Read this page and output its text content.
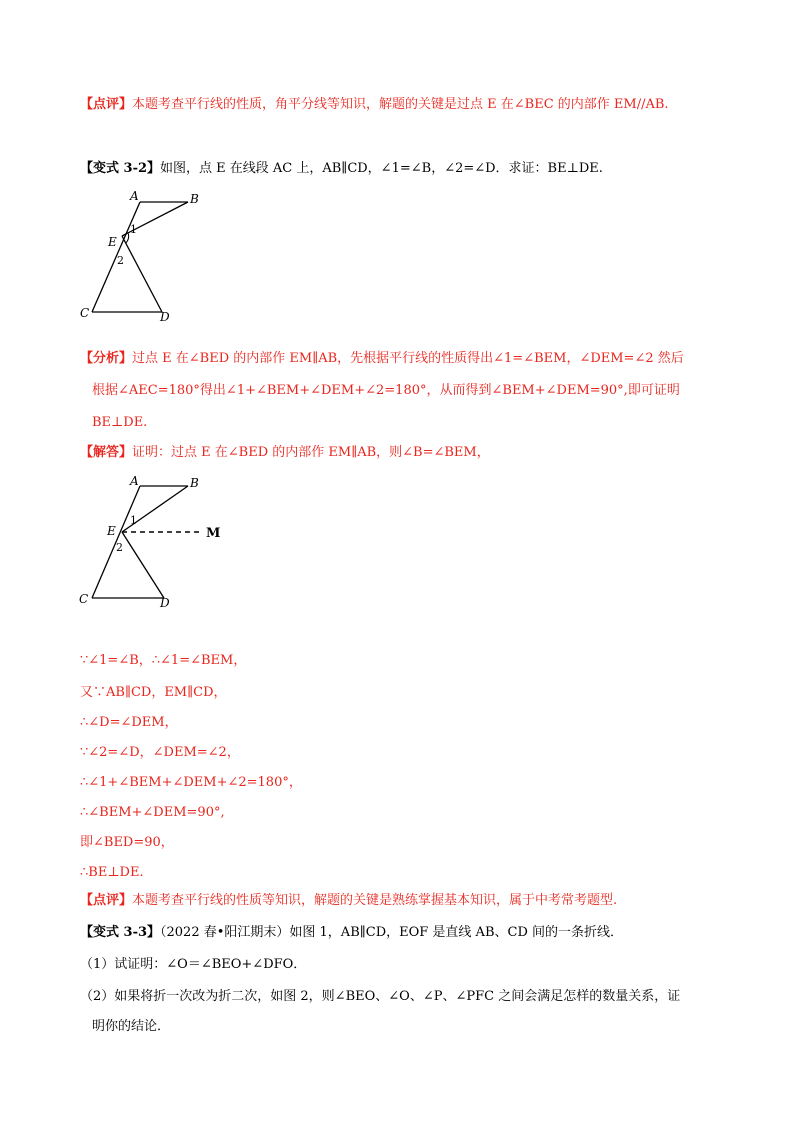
【点评】本题考查平行线的性质，角平分线等知识，解题的关键是过点 E 在∠BEC 的内部作 EM//AB.
【变式 3-2】如图，点 E 在线段 AC 上，AB∥CD，∠1=∠B，∠2=∠D．求证：BE⊥DE.
A	B
E
1
2
C	D
【分析】过点 E 在∠BED 的内部作 EM∥AB，先根据平行线的性质得出∠1=∠BEM，∠DEM=∠2 然后
根据∠AEC=180°得出∠1+∠BEM+∠DEM+∠2=180°，从而得到∠BEM+∠DEM=90°,即可证明
BE⊥DE.
【解答】证明：过点 E 在∠BED 的内部作 EM∥AB，则∠B=∠BEM，
A	B
E
1
2
M
C	D
∵∠1=∠B，∴∠1=∠BEM，
又∵AB∥CD，EM∥CD，
∴∠D=∠DEM，
∵∠2=∠D，∠DEM=∠2，
∴∠1+∠BEM+∠DEM+∠2=180°，
∴∠BEM+∠DEM=90°,
即∠BED=90，
∴BE⊥DE.
【点评】本题考查平行线的性质等知识，解题的关键是熟练掌握基本知识，属于中考常考题型.
【变式 3-3】（2022 春•阳江期末）如图 1，AB∥CD，EOF 是直线 AB、CD 间的一条折线．
（1）试证明：∠O＝∠BEO+∠DFO．
（2）如果将折一次改为折二次，如图 2，则∠BEO、∠O、∠P、∠PFC 之间会满足怎样的数量关系，证
明你的结论．
